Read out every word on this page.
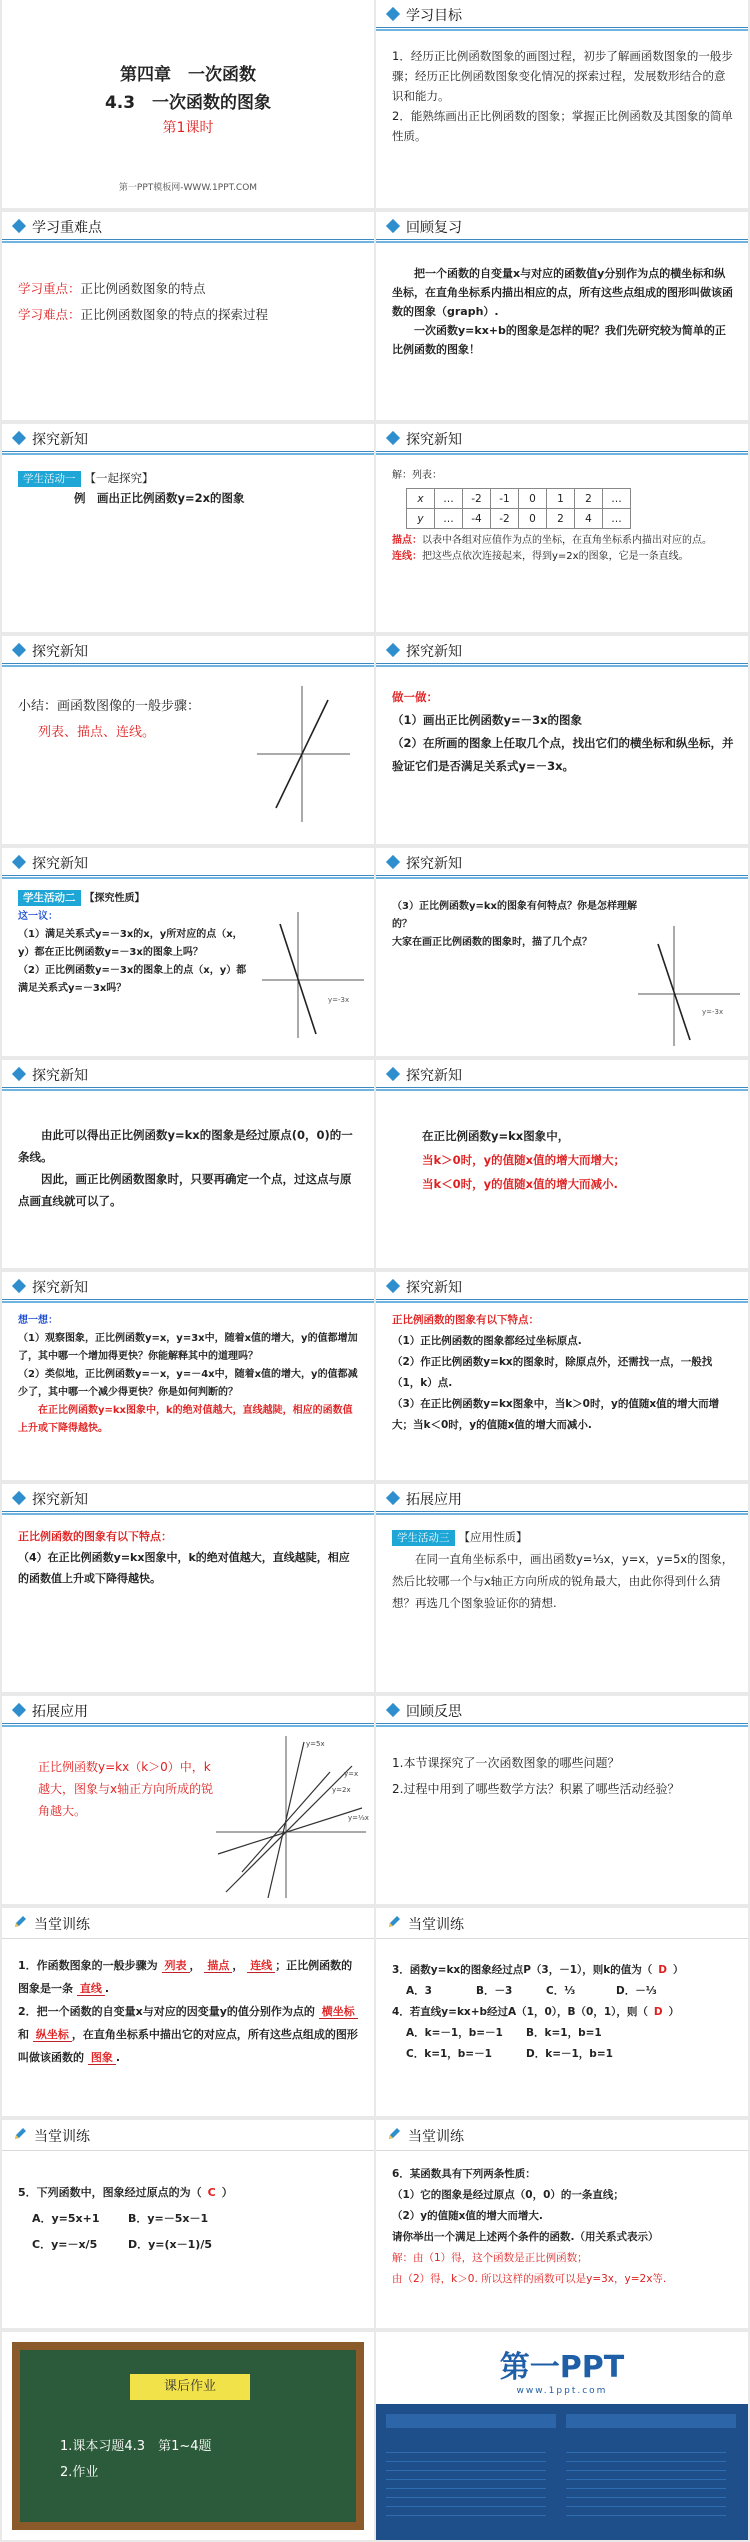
第四章　一次函数
4.3　一次函数的图象
第1课时
第一PPT模板网-WWW.1PPT.COM
学习目标

1．经历正比例函数图象的画图过程，初步了解画函数图象的一般步骤；经历正比例函数图象变化情况的探索过程，发展数形结合的意识和能力。

2．能熟练画出正比例函数的图象；掌握正比例函数及其图象的简单性质。

学习重难点

学习重点：正比例函数图象的特点

学习难点：正比例函数图象的特点的探索过程

回顾复习

把一个函数的自变量x与对应的函数值y分别作为点的横坐标和纵坐标，在直角坐标系内描出相应的点，所有这些点组成的图形叫做该函数的图象（graph）.

一次函数y=kx+b的图象是怎样的呢？我们先研究较为简单的正比例函数的图象！

探究新知

学生活动一 【一起探究】

例　画出正比例函数y=2x的图象

探究新知

解：列表：

x	…	-2	-1	0	1	2	…
y	…	-4	-2	0	2	4	…

描点：以表中各组对应值作为点的坐标，在直角坐标系内描出对应的点。

连线：把这些点依次连接起来，得到y=2x的图象，它是一条直线。

探究新知

小结：画函数图像的一般步骤：

列表、描点、连线。

探究新知

做一做：

（1）画出正比例函数y=－3x的图象

（2）在所画的图象上任取几个点，找出它们的横坐标和纵坐标，并验证它们是否满足关系式y=－3x。

探究新知

学生活动二 【探究性质】

这一议：

（1）满足关系式y=－3x的x，y所对应的点（x，y）都在正比例函数y=－3x的图象上吗？

（2）正比例函数y=－3x的图象上的点（x，y）都满足关系式y=－3x吗？

y=-3x
探究新知

（3）正比例函数y=kx的图象有何特点？你是怎样理解的？

大家在画正比例函数的图象时，描了几个点？

y=-3x
探究新知

由此可以得出正比例函数y=kx的图象是经过原点(0，0)的一条线。

因此，画正比例函数图象时，只要再确定一个点，过这点与原点画直线就可以了。

探究新知

在正比例函数y=kx图象中，

当k＞0时，y的值随x值的增大而增大；

当k＜0时，y的值随x值的增大而减小.

探究新知

想一想：

（1）观察图象，正比例函数y=x，y=3x中，随着x值的增大，y的值都增加了，其中哪一个增加得更快？你能解释其中的道理吗？

（2）类似地，正比例函数y=－x，y=－4x中，随着x值的增大，y的值都减少了，其中哪一个减少得更快？你是如何判断的？

在正比例函数y=kx图象中，k的绝对值越大，直线越陡，相应的函数值上升或下降得越快。

探究新知

正比例函数的图象有以下特点：

（1）正比例函数的图象都经过坐标原点.

（2）作正比例函数y=kx的图象时，除原点外，还需找一点，一般找（1，k）点.

（3）在正比例函数y=kx图象中，当k＞0时，y的值随x值的增大而增大；当k＜0时，y的值随x值的增大而减小.

探究新知

正比例函数的图象有以下特点：

（4）在正比例函数y=kx图象中，k的绝对值越大，直线越陡，相应的函数值上升或下降得越快。

拓展应用

学生活动三 【应用性质】

在同一直角坐标系中，画出函数y=⅓x，y=x，y=5x的图象，然后比较哪一个与x轴正方向所成的锐角最大，由此你得到什么猜想？再选几个图象验证你的猜想.

拓展应用

正比例函数y=kx（k＞0）中，k越大，图象与x轴正方向所成的锐角越大。

y=5x
y=x
y=2x
y=⅓x
回顾反思

1.本节课探究了一次函数图象的哪些问题？

2.过程中用到了哪些数学方法？积累了哪些活动经验？

当堂训练

1．作函数图象的一般步骤为 列表 ， 描点 ， 连线 ；正比例函数的图象是一条 直线 .

2．把一个函数的自变量x与对应的因变量y的值分别作为点的 横坐标 和 纵坐标 ，在直角坐标系中描出它的对应点，所有这些点组成的图形叫做该函数的 图象 .

当堂训练

3．函数y=kx的图象经过点P（3，－1），则k的值为（ D ）

A．3	B．－3	C．⅓	D．－⅓

4．若直线y=kx+b经过A（1，0），B（0，1），则（ D ）

A．k=－1，b=－1 B．k=1，b=1

C．k=1，b=－1	D．k=－1，b=1

当堂训练

5．下列函数中，图象经过原点的为（ C ）

A．y=5x+1	B．y=－5x－1

C．y=－x/5	D．y=(x－1)/5

当堂训练

6．某函数具有下列两条性质：

（1）它的图象是经过原点（0，0）的一条直线；

（2）y的值随x值的增大而增大.

请你举出一个满足上述两个条件的函数.（用关系式表示）

解：由（1）得，这个函数是正比例函数；

由（2）得，k＞0. 所以这样的函数可以是y=3x，y=2x等.

课后作业

1.课本习题4.3　第1~4题

2.作业

第一PPT
www.1ppt.com
